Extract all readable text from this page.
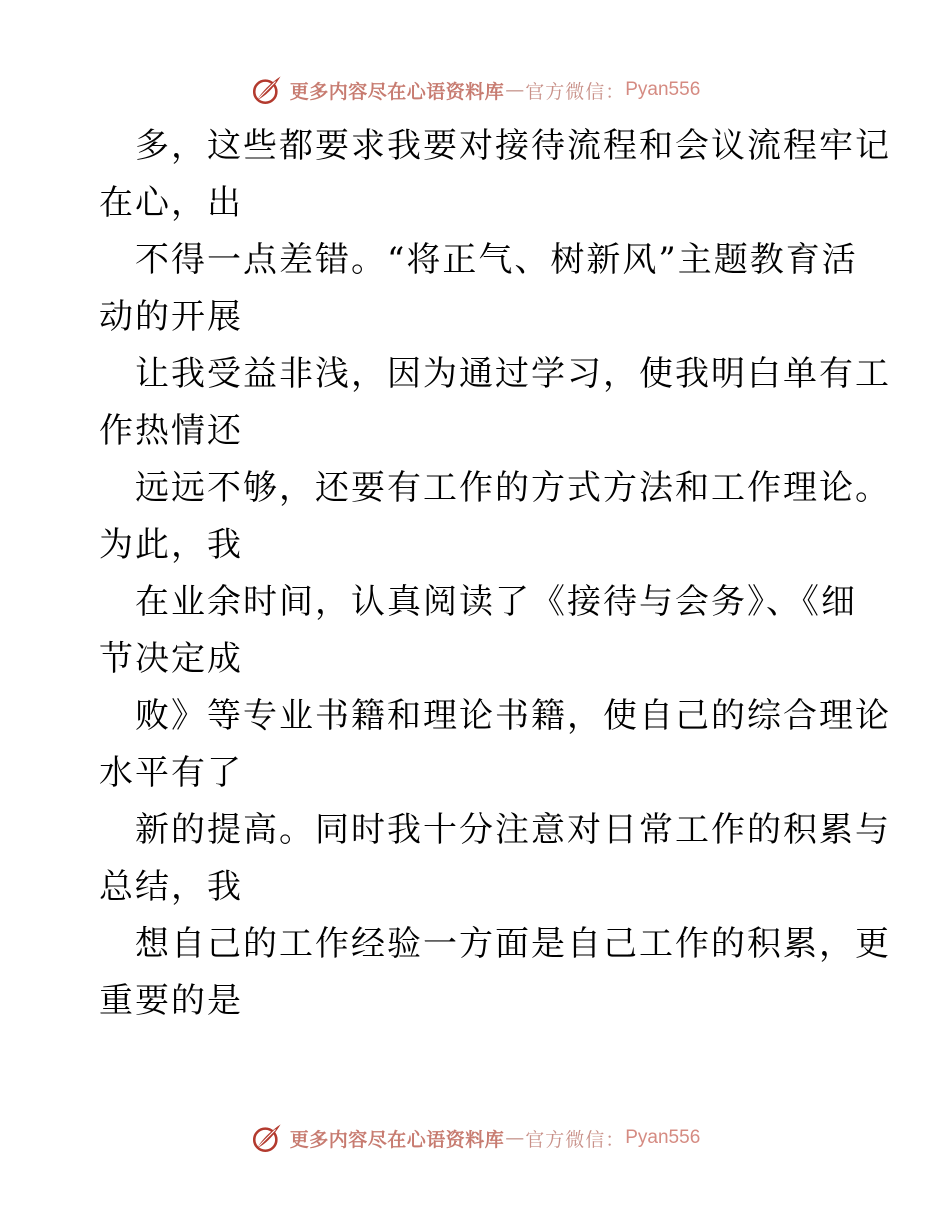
更多内容尽在心语资料库 — 官方微信： Pyan556
多，这些都要求我要对接待流程和会议流程牢记
在心，出
不得一点差错。“将正气、树新风”主题教育活
动的开展
让我受益非浅，因为通过学习，使我明白单有工
作热情还
远远不够，还要有工作的方式方法和工作理论。
为此，我
在业余时间，认真阅读了《接待与会务》、《细
节决定成
败》等专业书籍和理论书籍，使自己的综合理论
水平有了
新的提高。同时我十分注意对日常工作的积累与
总结，我
想自己的工作经验一方面是自己工作的积累，更
重要的是
更多内容尽在心语资料库 — 官方微信： Pyan556
